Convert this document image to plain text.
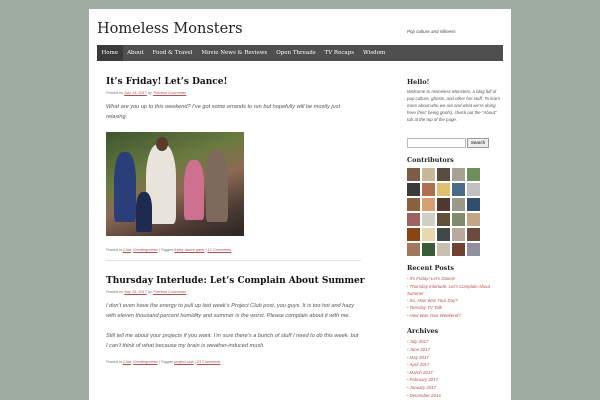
Homeless Monsters	Pop culture and silliness
Home	About	Food & Travel	Movie News & Reviews	Open Threads	TV Recaps	Wisdom
It’s Friday! Let’s Dance!
Posted on July 14, 2017 by Theresa Couchman
What are you up to this weekend? I’ve got some errands to run but hopefully will be mostly just relaxing.
Posted in Chat, Uncategorized | Tagged friday dance party | 12 Comments
Thursday Interlude: Let’s Complain About Summer
Posted on July 13, 2017 by Theresa Couchman
I don’t even have the energy to pull up last week’s Project Club post, you guys. It is too hot and hazy with eleven thousand percent humidity and summer is the worst. Please complain about it with me.
Still tell me about your projects if you want. I’m sure there’s a bunch of stuff I need to do this week, but I can’t think of what because my brain is weather-induced mush.
Posted in Chat, Uncategorized | Tagged project club | 23 Comments
Hello!
Welcome to Homeless Monsters, a blog full of pop culture, ghosts, and other fun stuff. To learn more about who we are and what we’re doing here (hint: being goofs), check out the "About" tab at the top of the page.
Search
Contributors
Recent Posts
•It’s Friday! Let’s Dance!
•Thursday Interlude: Let’s Complain About Summer
•So, How Was Your Day?
•Tuesday TV Talk
•How Was Your Weekend?
Archives
•July 2017
•June 2017
•May 2017
•April 2017
•March 2017
•February 2017
•January 2017
•December 2016
